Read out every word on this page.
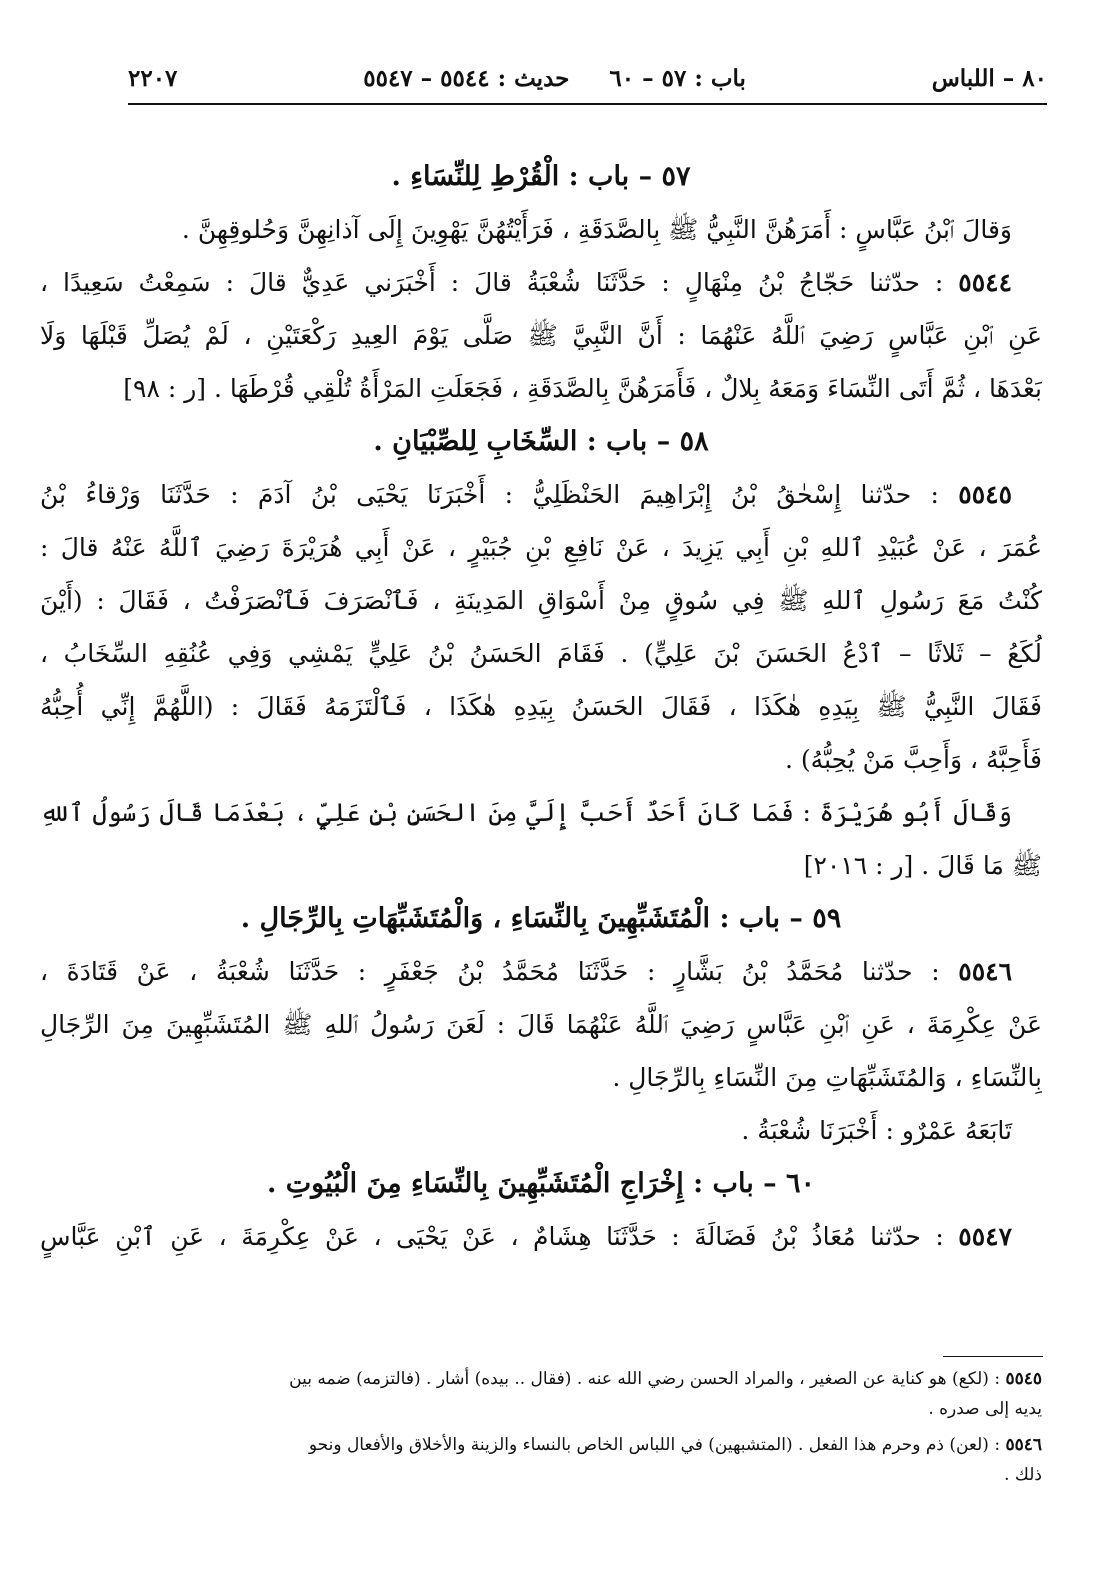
٨٠ – اللباس
باب : ٥٧ – ٦٠
حديث : ٥٥٤٤ – ٥٥٤٧
٢٢٠٧
٥٧ – باب : الْقُرْطِ لِلنِّسَاءِ .
وَقالَ ٱبْنُ عَبَّاسٍ : أَمَرَهُنَّ النَّبِيُّ ﷺ بِالصَّدَقَةِ ، فَرَأَيْتُهُنَّ يَهْوِينَ إِلَى آذانِهِنَّ وَحُلوقِهِنَّ .
٥٥٤٤ : حدّثنا حَجّاجُ بْنُ مِنْهَالٍ : حَدَّثَنَا شُعْبَةُ قالَ : أَخْبَرَني عَدِيٌّ قالَ : سَمِعْتُ سَعِيدًا ،
عَنِ ٱبْنِ عَبَّاسٍ رَضِيَ ٱللَّهُ عَنْهُمَا : أَنَّ النَّبِيَّ ﷺ صَلَّى يَوْمَ العِيدِ رَكْعَتَيْنِ ، لَمْ يُصَلِّ قَبْلَهَا وَلَا
بَعْدَهَا ، ثُمَّ أَتَى النِّسَاءَ وَمَعَهُ بِلالٌ ، فَأَمَرَهُنَّ بِالصَّدَقَةِ ، فَجَعَلَتِ المَرْأَةُ تُلْقِي قُرْطَهَا . [ر : ٩٨]
٥٨ – باب : السِّخَابِ لِلصِّبْيَانِ .
٥٥٤٥ : حدّثنا إِسْحٰقُ بْنُ إِبْرَاهِيمَ الحَنْظَلِيُّ : أَخْبَرَنَا يَحْيَى بْنُ آدَمَ : حَدَّثَنَا وَرْقاءُ بْنُ
عُمَرَ ، عَنْ عُبَيْدِ ٱللهِ بْنِ أَبِي يَزِيدَ ، عَنْ نَافِعِ بْنِ جُبَيْرٍ ، عَنْ أَبِي هُرَيْرَةَ رَضِيَ ٱللَّهُ عَنْهُ قالَ :
كُنْتُ مَعَ رَسُولِ ٱللهِ ﷺ فِي سُوقٍ مِنْ أَسْوَاقِ المَدِينَةِ ، فَٱنْصَرَفَ فَٱنْصَرَفْتُ ، فَقَالَ : (أَيْنَ
لُكَعُ – ثَلاثًا – ٱدْعُ الحَسَنَ بْنَ عَلِيٍّ) . فَقَامَ الحَسَنُ بْنُ عَلِيٍّ يَمْشِي وَفِي عُنُقِهِ السِّخَابُ ،
فَقَالَ النَّبِيُّ ﷺ بِيَدِهِ هٰكَذَا ، فَقَالَ الحَسَنُ بِيَدِهِ هٰكَذَا ، فَٱلْتَزَمَهُ فَقَالَ : (اللَّهُمَّ إِنِّي أُحِبُّهُ
فَأَحِبَّهُ ، وَأَحِبَّ مَنْ يُحِبُّهُ) .
وَقَالَ أَبُو هُرَيْرَةَ : فَمَا كَانَ أَحَدٌ أَحَبَّ إِلَيَّ مِنَ الحَسَنِ بْنِ عَلِيٍّ ، بَعْدَمَا قَالَ رَسُولُ ٱللهِ
ﷺ مَا قَالَ . [ر : ٢٠١٦]
٥٩ – باب : الْمُتَشَبِّهِينَ بِالنِّسَاءِ ، وَالْمُتَشَبِّهَاتِ بِالرِّجَالِ .
٥٥٤٦ : حدّثنا مُحَمَّدُ بْنُ بَشَّارٍ : حَدَّثَنَا مُحَمَّدُ بْنُ جَعْفَرٍ : حَدَّثَنَا شُعْبَةُ ، عَنْ قَتَادَةَ ،
عَنْ عِكْرِمَةَ ، عَنِ ٱبْنِ عَبَّاسٍ رَضِيَ ٱللَّهُ عَنْهُمَا قَالَ : لَعَنَ رَسُولُ ٱللهِ ﷺ المُتَشَبِّهِينَ مِنَ الرِّجَالِ
بِالنِّسَاءِ ، وَالمُتَشَبِّهَاتِ مِنَ النِّسَاءِ بِالرِّجَالِ .
تَابَعَهُ عَمْرٌو : أَخْبَرَنَا شُعْبَةُ .
٦٠ – باب : إِخْرَاجِ الْمُتَشَبِّهِينَ بِالنِّسَاءِ مِنَ الْبُيُوتِ .
٥٥٤٧ : حدّثنا مُعَاذُ بْنُ فَضَالَةَ : حَدَّثَنَا هِشَامٌ ، عَنْ يَحْيَى ، عَنْ عِكْرِمَةَ ، عَنِ ٱبْنِ عَبَّاسٍ
٥٥٤٥ : (لكع) هو كناية عن الصغير ، والمراد الحسن رضي الله عنه . (فقال .. بيده) أشار . (فالتزمه) ضمه بين
يديه إلى صدره .
٥٥٤٦ : (لعن) ذم وحرم هذا الفعل . (المتشبهين) في اللباس الخاص بالنساء والزينة والأخلاق والأفعال ونحو
ذلك .
